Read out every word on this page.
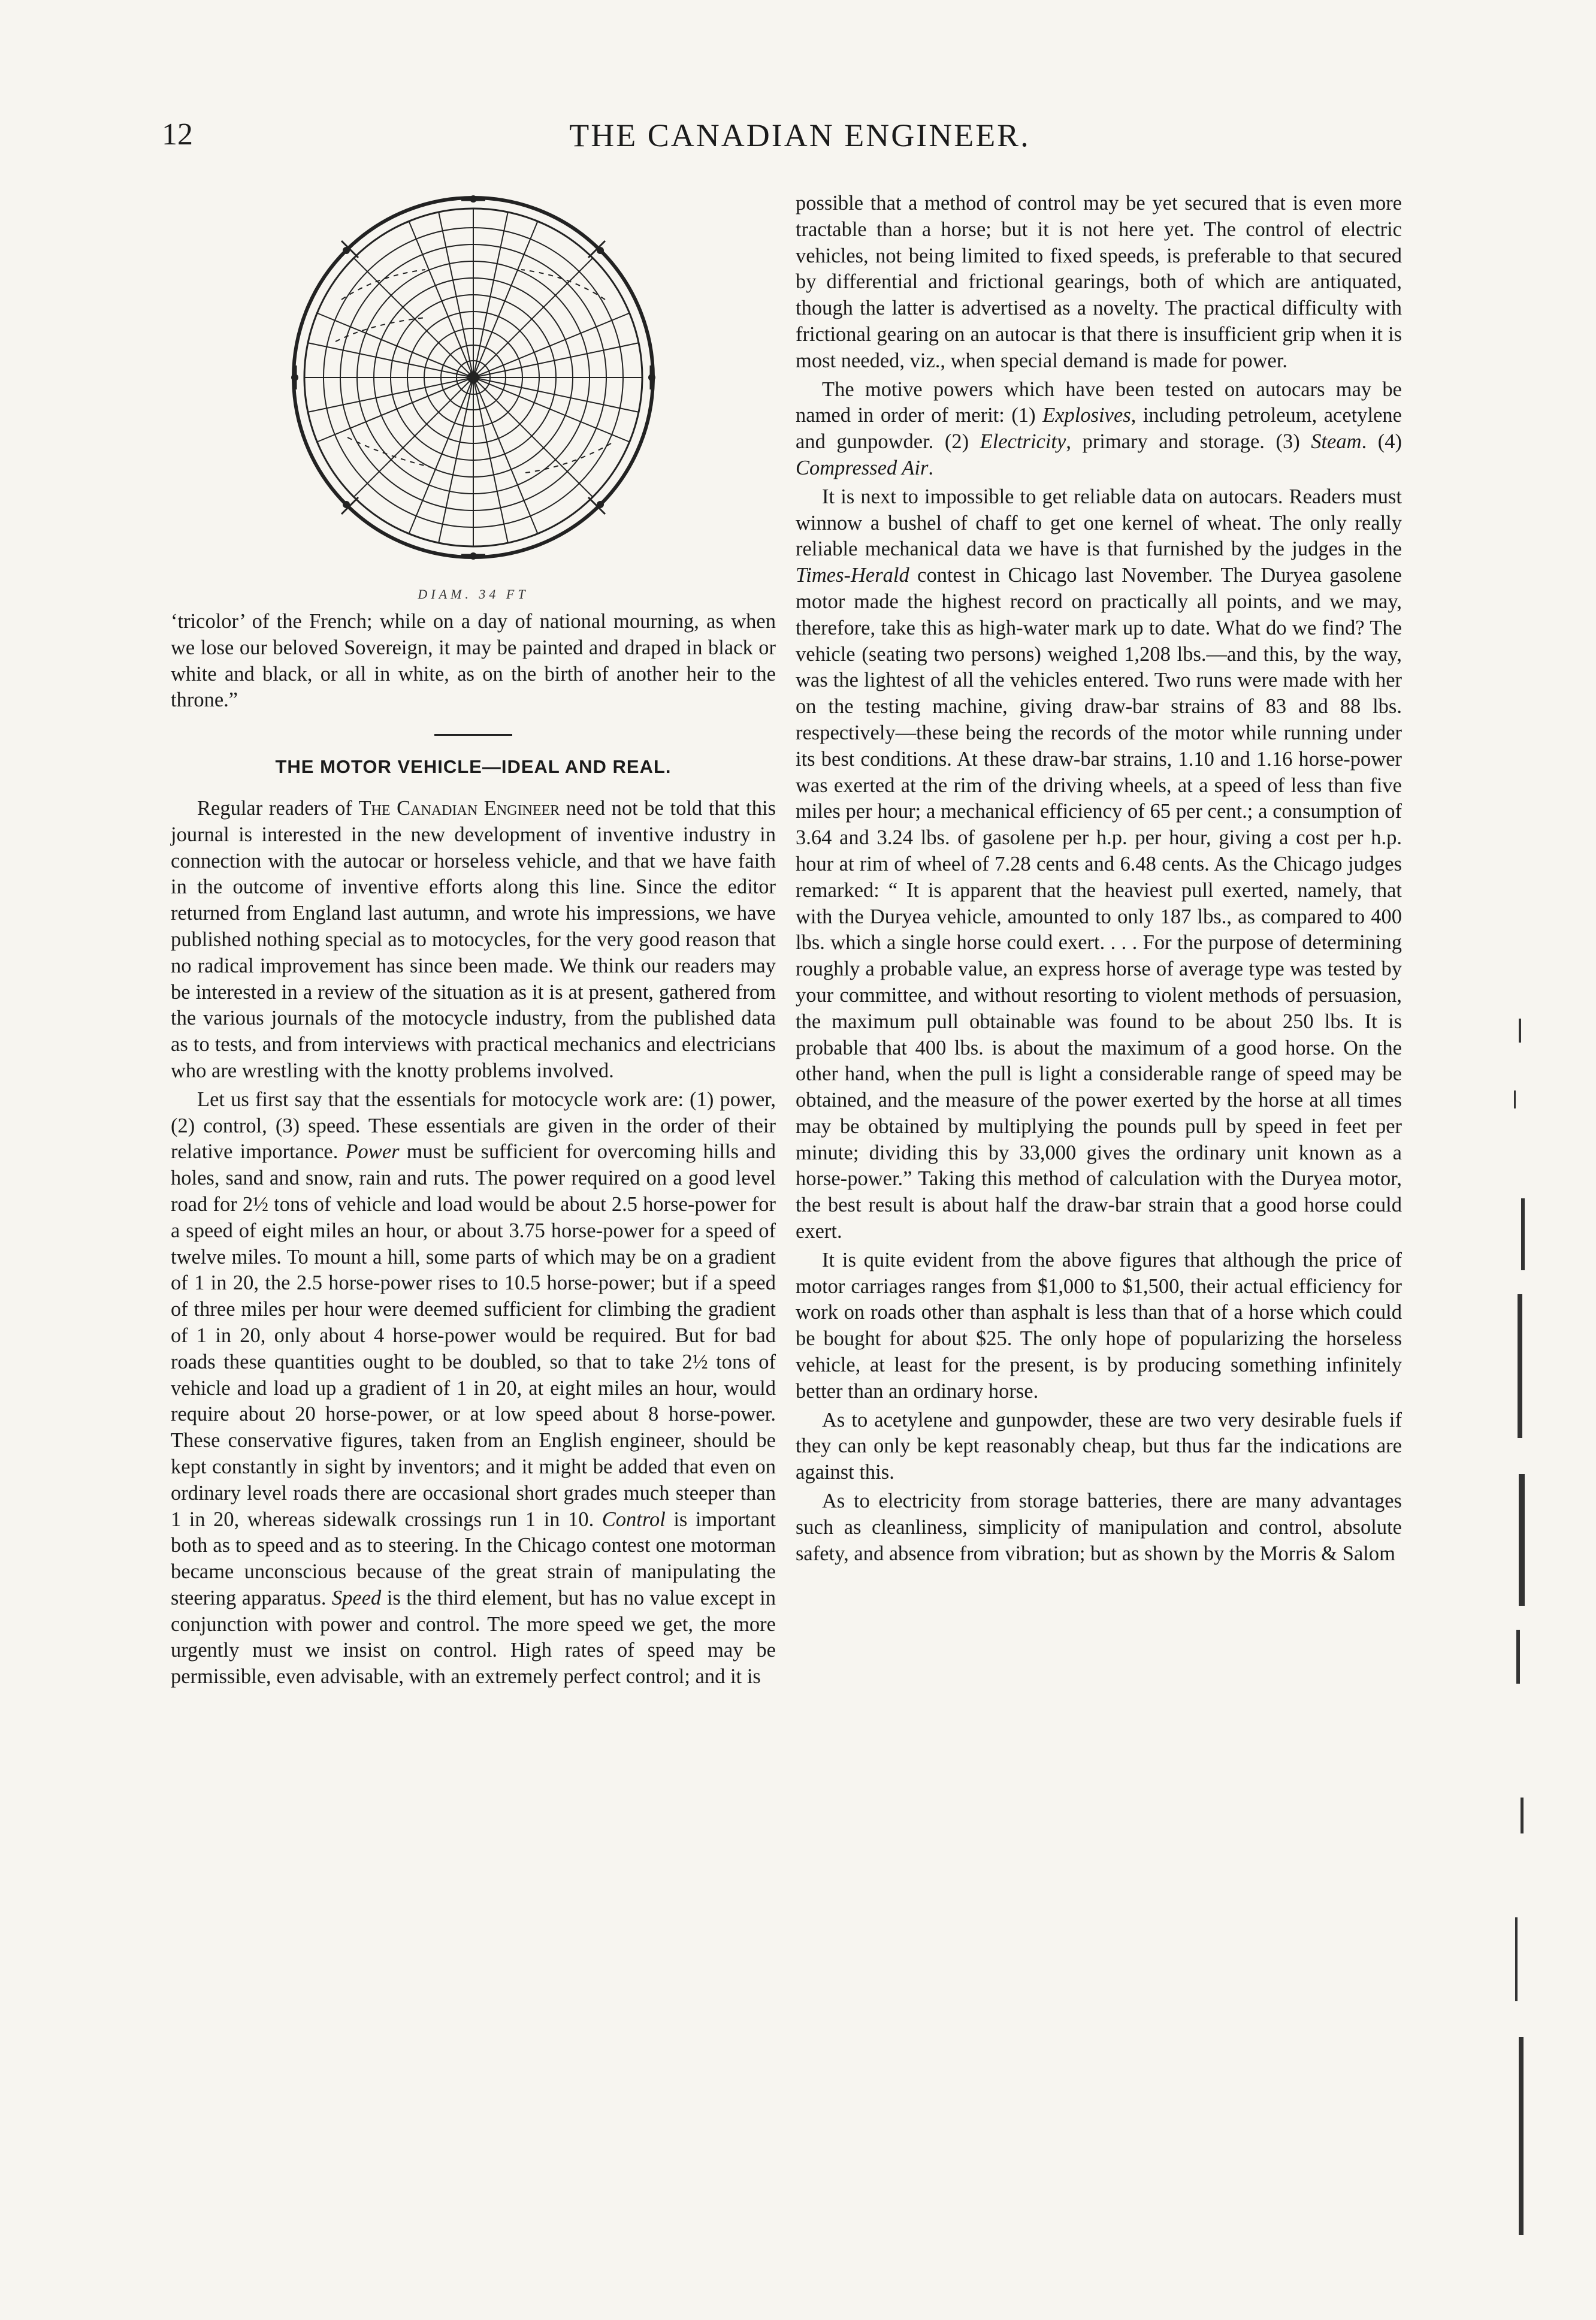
12	THE CANADIAN ENGINEER.
DIAM. 34 FT

‘tricolor’ of the French; while on a day of national mourning, as when we lose our beloved Sovereign, it may be painted and draped in black or white and black, or all in white, as on the birth of another heir to the throne.”

THE MOTOR VEHICLE—IDEAL AND REAL.

Regular readers of The Canadian Engineer need not be told that this journal is interested in the new development of inventive industry in connection with the autocar or horseless vehicle, and that we have faith in the outcome of inventive efforts along this line. Since the editor returned from England last autumn, and wrote his impressions, we have published nothing special as to motocycles, for the very good reason that no radical improvement has since been made. We think our readers may be interested in a review of the situation as it is at present, gathered from the various journals of the motocycle industry, from the published data as to tests, and from interviews with practical mechanics and electricians who are wrestling with the knotty problems involved.

Let us first say that the essentials for motocycle work are: (1) power, (2) control, (3) speed. These essentials are given in the order of their relative importance. Power must be sufficient for overcoming hills and holes, sand and snow, rain and ruts. The power required on a good level road for 2½ tons of vehicle and load would be about 2.5 horse-power for a speed of eight miles an hour, or about 3.75 horse-power for a speed of twelve miles. To mount a hill, some parts of which may be on a gradient of 1 in 20, the 2.5 horse-power rises to 10.5 horse-power; but if a speed of three miles per hour were deemed sufficient for climbing the gradient of 1 in 20, only about 4 horse-power would be required. But for bad roads these quantities ought to be doubled, so that to take 2½ tons of vehicle and load up a gradient of 1 in 20, at eight miles an hour, would require about 20 horse-power, or at low speed about 8 horse-power. These conservative figures, taken from an English engineer, should be kept constantly in sight by inventors; and it might be added that even on ordinary level roads there are occasional short grades much steeper than 1 in 20, whereas sidewalk crossings run 1 in 10. Control is important both as to speed and as to steering. In the Chicago contest one motorman became unconscious because of the great strain of manipulating the steering apparatus. Speed is the third element, but has no value except in conjunction with power and control. The more speed we get, the more urgently must we insist on control. High rates of speed may be permissible, even advisable, with an extremely perfect control; and it is

possible that a method of control may be yet secured that is even more tractable than a horse; but it is not here yet. The control of electric vehicles, not being limited to fixed speeds, is preferable to that secured by differential and frictional gearings, both of which are antiquated, though the latter is advertised as a novelty. The practical difficulty with frictional gearing on an autocar is that there is insufficient grip when it is most needed, viz., when special demand is made for power.

The motive powers which have been tested on autocars may be named in order of merit: (1) Explosives, including petroleum, acetylene and gunpowder. (2) Electricity, primary and storage. (3) Steam. (4) Compressed Air.

It is next to impossible to get reliable data on autocars. Readers must winnow a bushel of chaff to get one kernel of wheat. The only really reliable mechanical data we have is that furnished by the judges in the Times-Herald contest in Chicago last November. The Duryea gasolene motor made the highest record on practically all points, and we may, therefore, take this as high-water mark up to date. What do we find? The vehicle (seating two persons) weighed 1,208 lbs.—and this, by the way, was the lightest of all the vehicles entered. Two runs were made with her on the testing machine, giving draw-bar strains of 83 and 88 lbs. respectively—these being the records of the motor while running under its best conditions. At these draw-bar strains, 1.10 and 1.16 horse-power was exerted at the rim of the driving wheels, at a speed of less than five miles per hour; a mechanical efficiency of 65 per cent.; a consumption of 3.64 and 3.24 lbs. of gasolene per h.p. per hour, giving a cost per h.p. hour at rim of wheel of 7.28 cents and 6.48 cents. As the Chicago judges remarked: “ It is apparent that the heaviest pull exerted, namely, that with the Duryea vehicle, amounted to only 187 lbs., as compared to 400 lbs. which a single horse could exert. . . . For the purpose of determining roughly a probable value, an express horse of average type was tested by your committee, and without resorting to violent methods of persuasion, the maximum pull obtainable was found to be about 250 lbs. It is probable that 400 lbs. is about the maximum of a good horse. On the other hand, when the pull is light a considerable range of speed may be obtained, and the measure of the power exerted by the horse at all times may be obtained by multiplying the pounds pull by speed in feet per minute; dividing this by 33,000 gives the ordinary unit known as a horse-power.” Taking this method of calculation with the Duryea motor, the best result is about half the draw-bar strain that a good horse could exert.

It is quite evident from the above figures that although the price of motor carriages ranges from $1,000 to $1,500, their actual efficiency for work on roads other than asphalt is less than that of a horse which could be bought for about $25. The only hope of popularizing the horseless vehicle, at least for the present, is by producing something infinitely better than an ordinary horse.

As to acetylene and gunpowder, these are two very desirable fuels if they can only be kept reasonably cheap, but thus far the indications are against this.

As to electricity from storage batteries, there are many advantages such as cleanliness, simplicity of manipulation and control, absolute safety, and absence from vibration; but as shown by the Morris & Salom
